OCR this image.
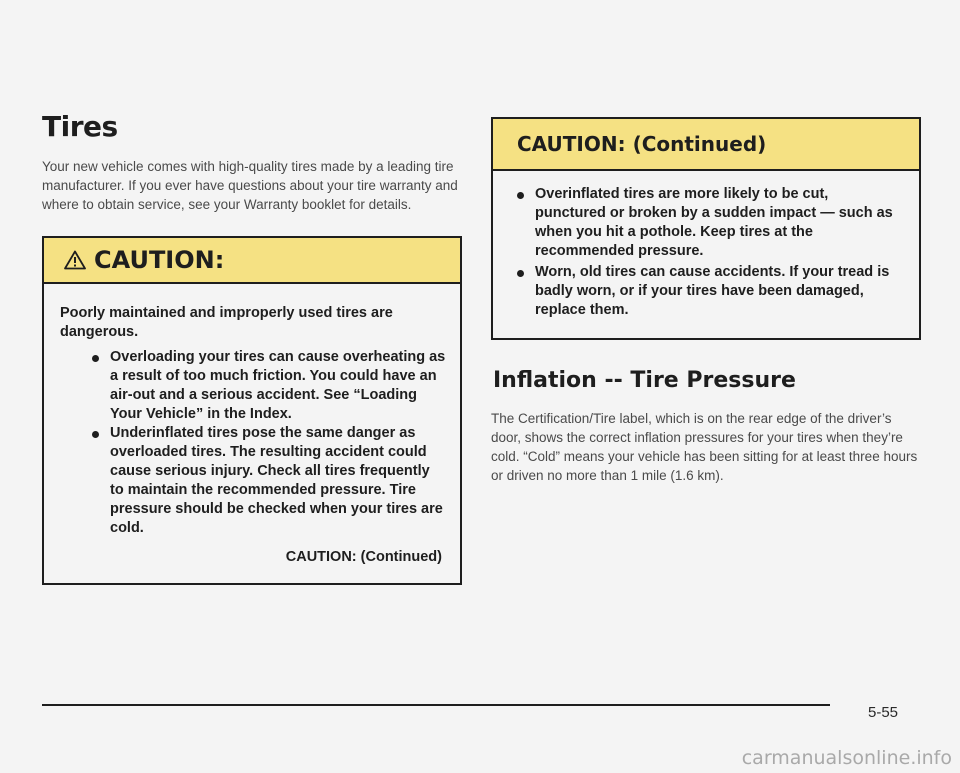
Tires

Your new vehicle comes with high-quality tires made by a leading tire manufacturer. If you ever have questions about your tire warranty and where to obtain service, see your Warranty booklet for details.

CAUTION:

Poorly maintained and improperly used tires are dangerous.

Overloading your tires can cause overheating as a result of too much friction. You could have an air-out and a serious accident. See “Loading Your Vehicle” in the Index.
Underinflated tires pose the same danger as overloaded tires. The resulting accident could cause serious injury. Check all tires frequently to maintain the recommended pressure. Tire pressure should be checked when your tires are cold.
CAUTION: (Continued)
CAUTION: (Continued)
Overinflated tires are more likely to be cut, punctured or broken by a sudden impact — such as when you hit a pothole. Keep tires at the recommended pressure.
Worn, old tires can cause accidents. If your tread is badly worn, or if your tires have been damaged, replace them.
Inflation -- Tire Pressure

The Certification/Tire label, which is on the rear edge of the driver’s door, shows the correct inflation pressures for your tires when they’re cold. “Cold” means your vehicle has been sitting for at least three hours or driven no more than 1 mile (1.6 km).

5-55
carmanualsonline.info
